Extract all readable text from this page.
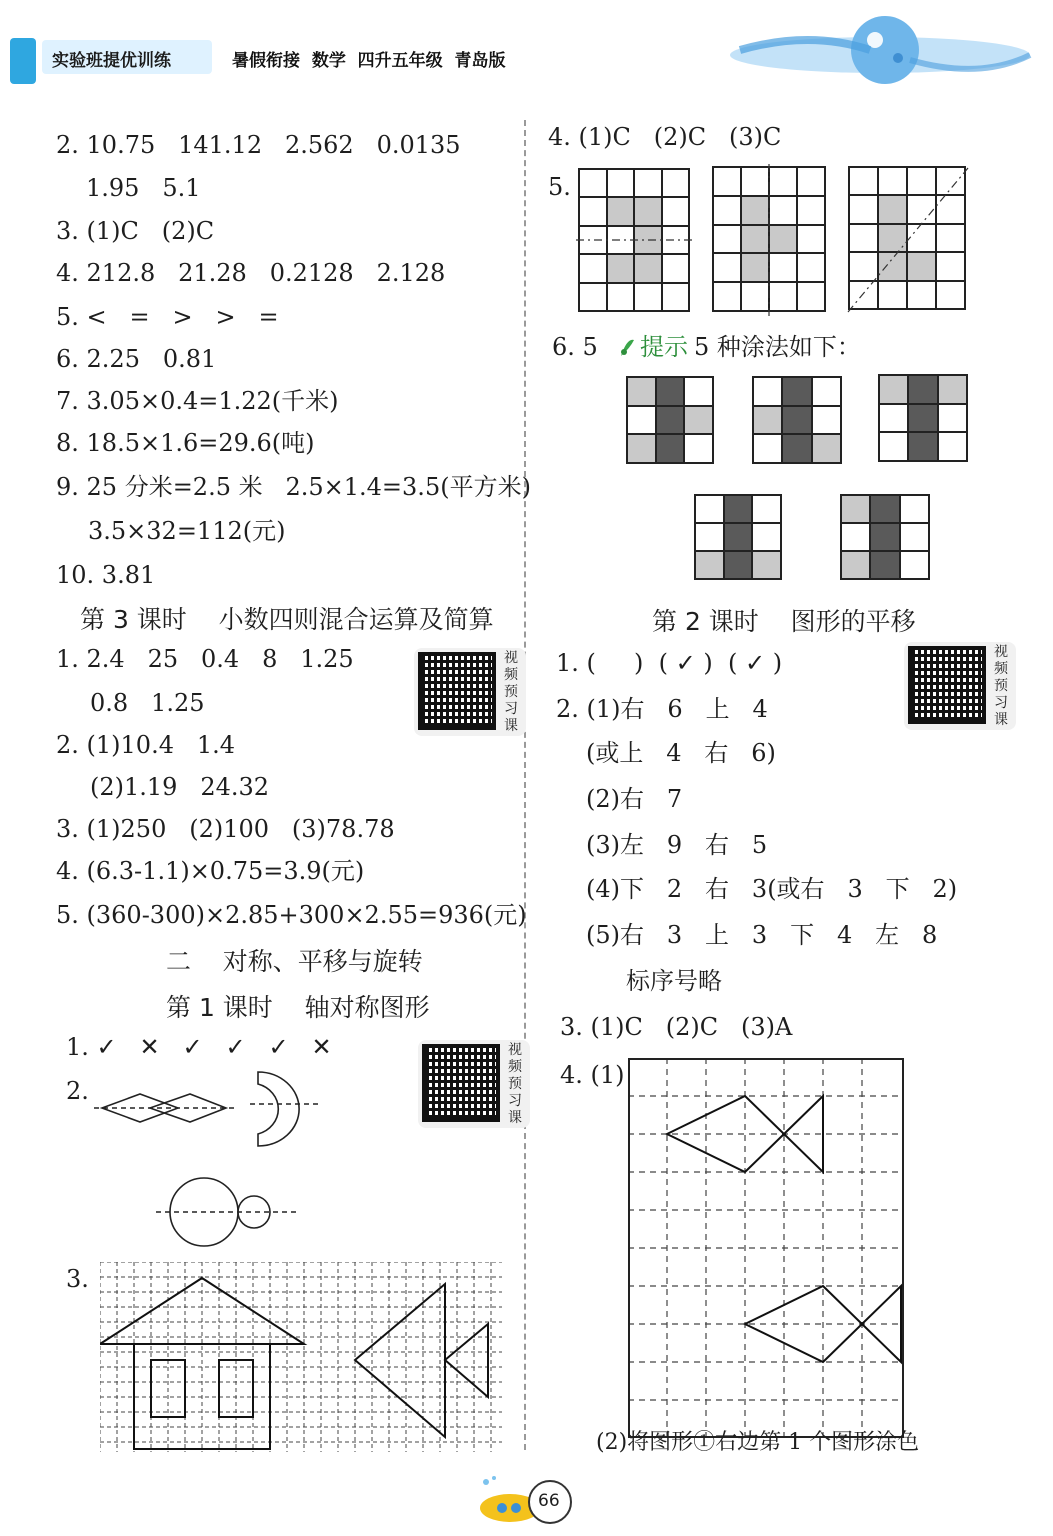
实验班提优训练	暑假衔接  数学  四升五年级  青岛版
2. 10.75   141.12   2.562   0.0135
1.95   5.1
3. (1)C   (2)C
4. 212.8   21.28   0.2128   2.128
5. <   =   >   >   =
6. 2.25   0.81
7. 3.05×0.4=1.22(千米)
8. 18.5×1.6=29.6(吨)
9. 25 分米=2.5 米   2.5×1.4=3.5(平方米)
3.5×32=112(元)
10. 3.81
第 3 课时    小数四则混合运算及简算
1. 2.4   25   0.4   8   1.25
0.8   1.25
2. (1)10.4   1.4
(2)1.19   24.32
3. (1)250   (2)100   (3)78.78
4. (6.3-1.1)×0.75=3.9(元)
5. (360-300)×2.85+300×2.55=936(元)
视频预习课
二    对称、平移与旋转
第 1 课时    轴对称图形
1. ✓   ✕   ✓   ✓   ✓   ✕	视频预习课
2.
3.
4. (1)C   (2)C   (3)C
5.
6. 5 提示 5 种涂法如下：
第 2 课时    图形的平移
1. (     )  ( ✓ )  ( ✓ )
2. (1)右   6   上   4
(或上   4   右   6)
(2)右   7
(3)左   9   右   5
(4)下   2   右   3(或右   3   下   2)
(5)右   3   上   3   下   4   左   8
标序号略
3. (1)C   (2)C   (3)A
视频预习课
4. (1)
(2)将图形①右边第 1 个图形涂色
66
